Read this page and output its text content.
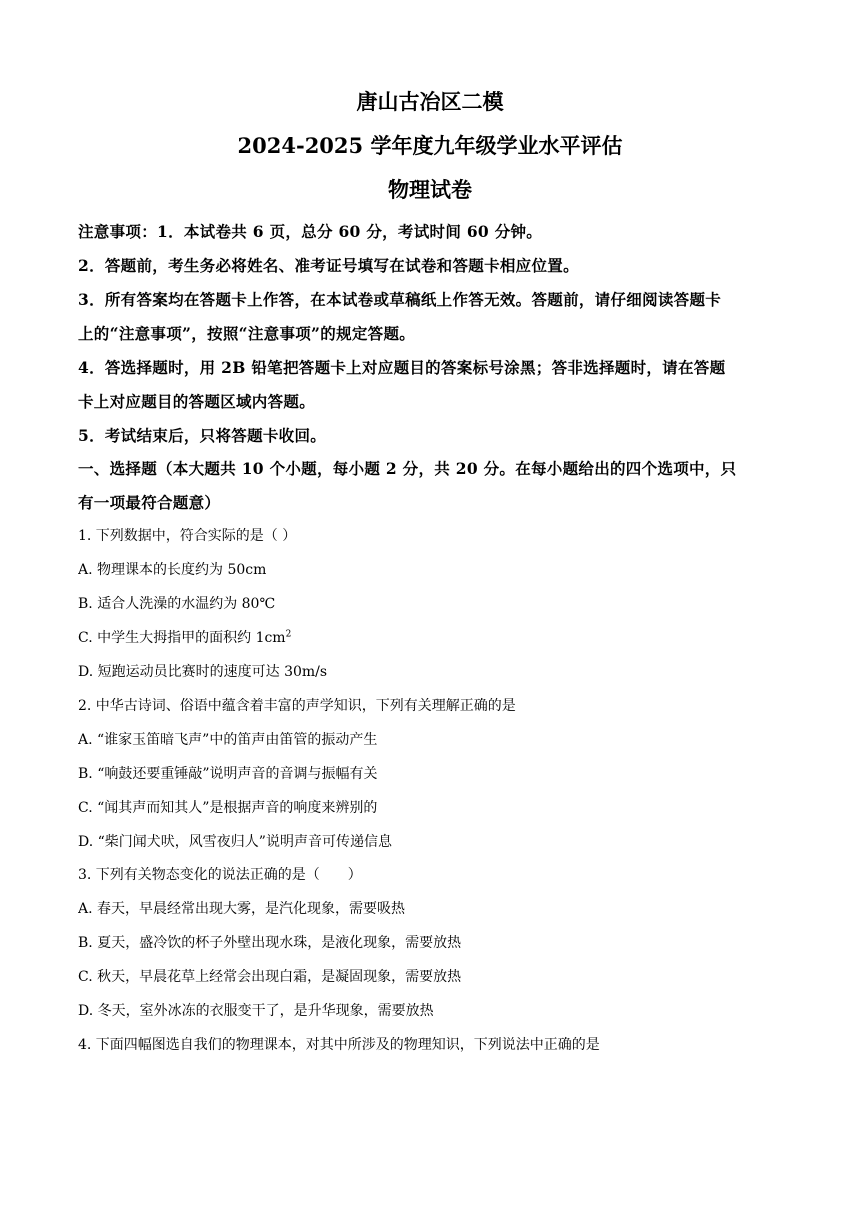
唐山古冶区二模
2024-2025 学年度九年级学业水平评估
物理试卷
注意事项：1．本试卷共 6 页，总分 60 分，考试时间 60 分钟。
2．答题前，考生务必将姓名、准考证号填写在试卷和答题卡相应位置。
3．所有答案均在答题卡上作答，在本试卷或草稿纸上作答无效。答题前，请仔细阅读答题卡
上的“注意事项”，按照“注意事项”的规定答题。
4．答选择题时，用 2B 铅笔把答题卡上对应题目的答案标号涂黑；答非选择题时，请在答题
卡上对应题目的答题区域内答题。
5．考试结束后，只将答题卡收回。
一、选择题（本大题共 10 个小题，每小题 2 分，共 20 分。在每小题给出的四个选项中，只
有一项最符合题意）
1. 下列数据中，符合实际的是（ ）
A. 物理课本的长度约为 50cm
B. 适合人洗澡的水温约为 80℃
C. 中学生大拇指甲的面积约 $1cm^2$
D. 短跑运动员比赛时的速度可达 30m/s
2. 中华古诗词、俗语中蕴含着丰富的声学知识，下列有关理解正确的是
A. “谁家玉笛暗飞声”中的笛声由笛管的振动产生
B. “响鼓还要重锤敲”说明声音的音调与振幅有关
C. “闻其声而知其人”是根据声音的响度来辨别的
D. “柴门闻犬吠，风雪夜归人”说明声音可传递信息
3. 下列有关物态变化的说法正确的是（　　）
A. 春天，早晨经常出现大雾，是汽化现象，需要吸热
B. 夏天，盛冷饮的杯子外壁出现水珠，是液化现象，需要放热
C. 秋天，早晨花草上经常会出现白霜，是凝固现象，需要放热
D. 冬天，室外冰冻的衣服变干了，是升华现象，需要放热
4. 下面四幅图选自我们的物理课本，对其中所涉及的物理知识，下列说法中正确的是
